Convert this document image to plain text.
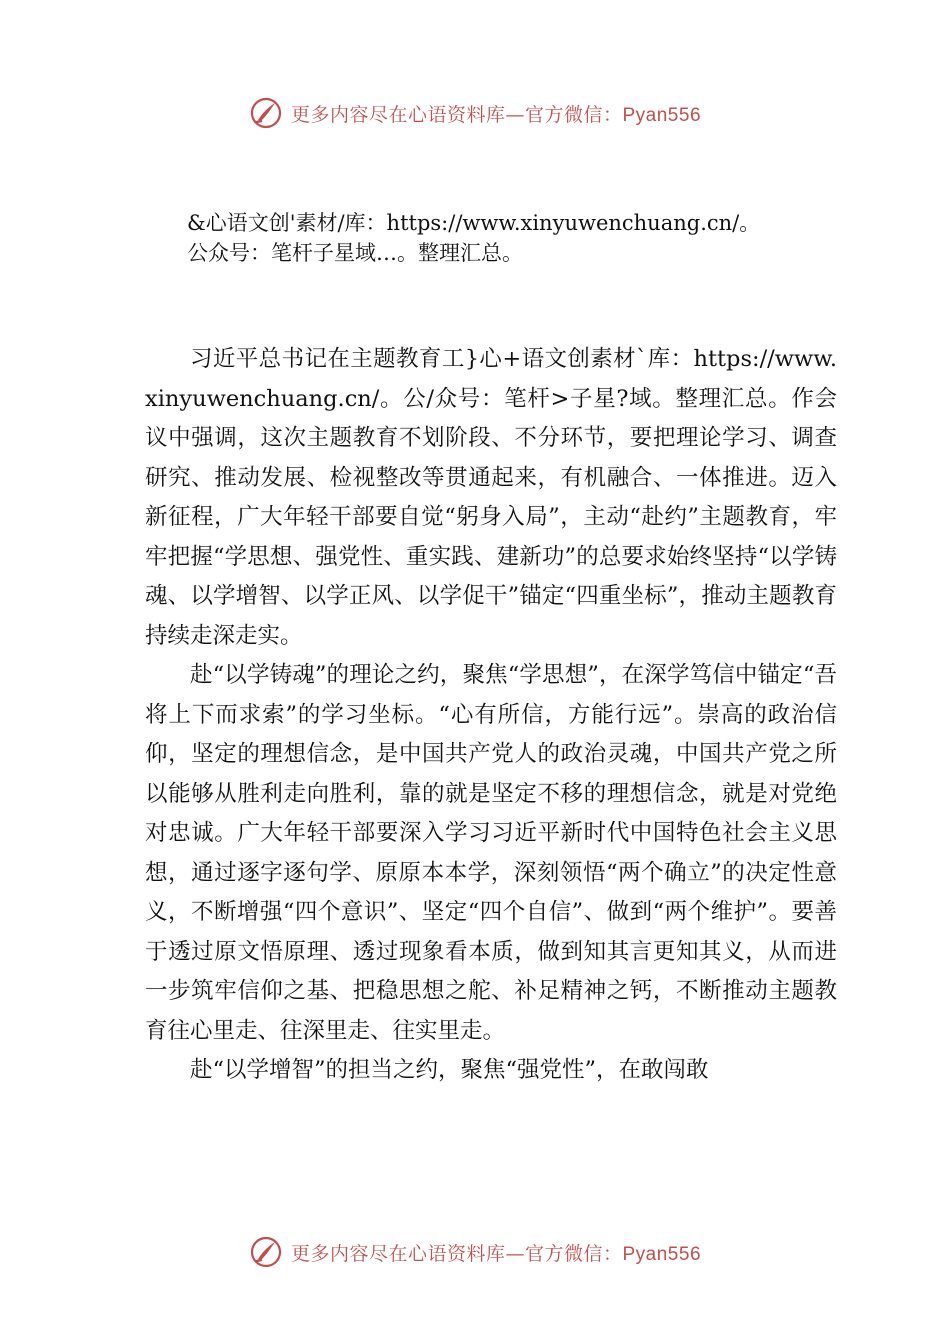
更多内容尽在心语资料库—官方微信：Pyan556

&心语文创'素材/库：https://www.xinyuwenchuang.cn/。

公众号：笔杆子星域…。整理汇总。

习近平总书记在主题教育工}心+语文创素材`库：https://www.xinyuwenchuang.cn/。公/众号：笔杆>子星?域。整理汇总。作会议中强调，这次主题教育不划阶段、不分环节，要把理论学习、调查研究、推动发展、检视整改等贯通起来，有机融合、一体推进。迈入新征程，广大年轻干部要自觉“躬身入局”，主动“赴约”主题教育，牢牢把握“学思想、强党性、重实践、建新功”的总要求始终坚持“以学铸魂、以学增智、以学正风、以学促干”锚定“四重坐标”，推动主题教育持续走深走实。

赴“以学铸魂”的理论之约，聚焦“学思想”，在深学笃信中锚定“吾将上下而求索”的学习坐标。“心有所信，方能行远”。崇高的政治信仰，坚定的理想信念，是中国共产党人的政治灵魂，中国共产党之所以能够从胜利走向胜利，靠的就是坚定不移的理想信念，就是对党绝对忠诚。广大年轻干部要深入学习习近平新时代中国特色社会主义思想，通过逐字逐句学、原原本本学，深刻领悟“两个确立”的决定性意义，不断增强“四个意识”、坚定“四个自信”、做到“两个维护”。要善于透过原文悟原理、透过现象看本质，做到知其言更知其义，从而进一步筑牢信仰之基、把稳思想之舵、补足精神之钙，不断推动主题教育往心里走、往深里走、往实里走。

赴“以学增智”的担当之约，聚焦“强党性”，在敢闯敢

更多内容尽在心语资料库—官方微信：Pyan556
